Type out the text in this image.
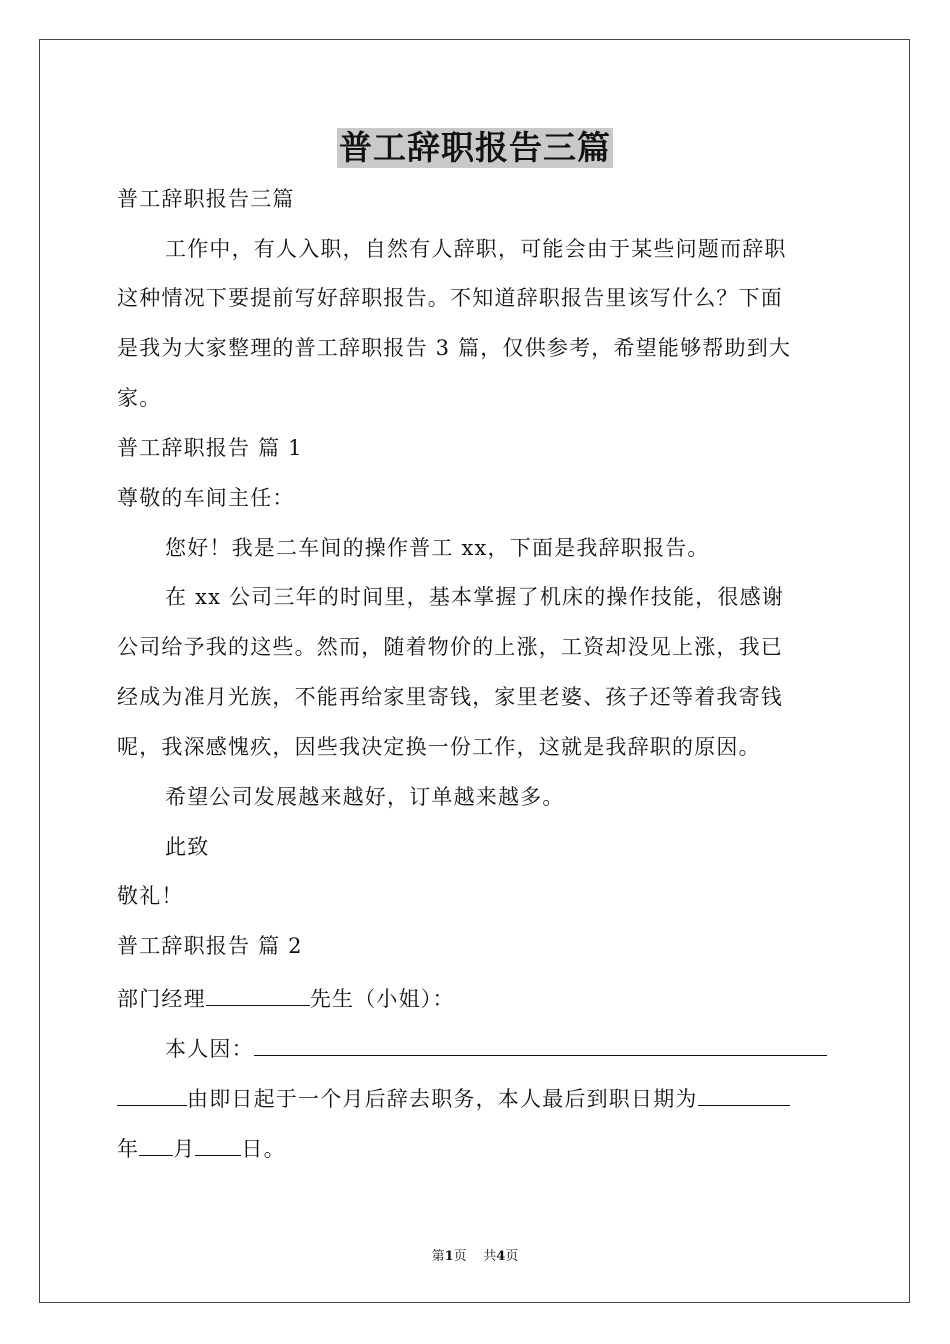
普工辞职报告三篇
普工辞职报告三篇
工作中，有人入职，自然有人辞职，可能会由于某些问题而辞职
这种情况下要提前写好辞职报告。不知道辞职报告里该写什么？下面
是我为大家整理的普工辞职报告 3 篇，仅供参考，希望能够帮助到大
家。
普工辞职报告 篇 1
尊敬的车间主任：
您好！我是二车间的操作普工 xx，下面是我辞职报告。
在 xx 公司三年的时间里，基本掌握了机床的操作技能，很感谢
公司给予我的这些。然而，随着物价的上涨，工资却没见上涨，我已
经成为准月光族，不能再给家里寄钱，家里老婆、孩子还等着我寄钱
呢，我深感愧疚，因些我决定换一份工作，这就是我辞职的原因。
希望公司发展越来越好，订单越来越多。
此致
敬礼！
普工辞职报告 篇 2
部门经理	先生（小姐）：
本人因：
由即日起于一个月后辞去职务，本人最后到职日期为
年 月 日。
第1页 共4页
